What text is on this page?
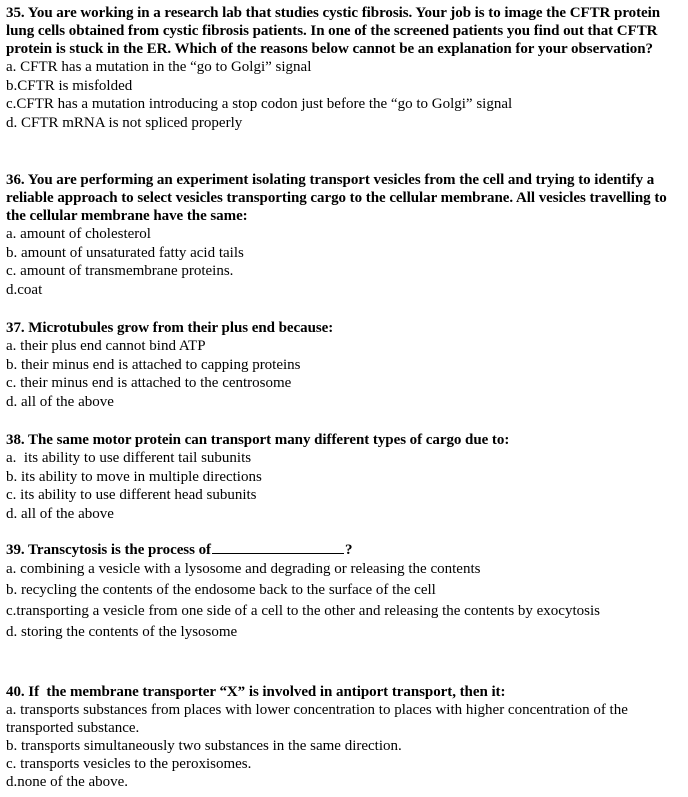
35. You are working in a research lab that studies cystic fibrosis. Your job is to image the CFTR protein lung cells obtained from cystic fibrosis patients. In one of the screened patients you find out that CFTR protein is stuck in the ER. Which of the reasons below cannot be an explanation for your observation?

a. CFTR has a mutation in the “go to Golgi” signal

b.CFTR is misfolded

c.CFTR has a mutation introducing a stop codon just before the “go to Golgi” signal

d. CFTR mRNA is not spliced properly

36. You are performing an experiment isolating transport vesicles from the cell and trying to identify a reliable approach to select vesicles transporting cargo to the cellular membrane. All vesicles travelling to the cellular membrane have the same:

a. amount of cholesterol

b. amount of unsaturated fatty acid tails

c. amount of transmembrane proteins.

d.coat

37. Microtubules grow from their plus end because:

a. their plus end cannot bind ATP

b. their minus end is attached to capping proteins

c. their minus end is attached to the centrosome

d. all of the above

38. The same motor protein can transport many different types of cargo due to:

a.  its ability to use different tail subunits

b. its ability to move in multiple directions

c. its ability to use different head subunits

d. all of the above

39. Transcytosis is the process of	?

a. combining a vesicle with a lysosome and degrading or releasing the contents

b. recycling the contents of the endosome back to the surface of the cell

c.transporting a vesicle from one side of a cell to the other and releasing the contents by exocytosis

d. storing the contents of the lysosome

40. If  the membrane transporter “X” is involved in antiport transport, then it:

a. transports substances from places with lower concentration to places with higher concentration of the transported substance.

b. transports simultaneously two substances in the same direction.

c. transports vesicles to the peroxisomes.

d.none of the above.
